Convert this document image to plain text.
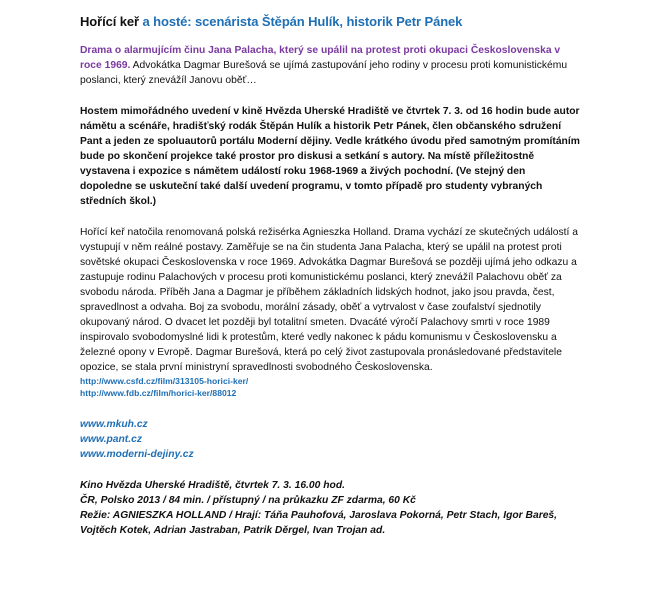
Hořící keř a hosté: scenárista Štěpán Hulík, historik Petr Pánek

Drama o alarmujícím činu Jana Palacha, který se upálil na protest proti okupaci Československa v roce 1969. Advokátka Dagmar Burešová se ujímá zastupování jeho rodiny v procesu proti komunistickému poslanci, který znevážíl Janovu oběť…

Hostem mimořádného uvedení v kině Hvězda Uherské Hradiště ve čtvrtek 7. 3. od 16 hodin bude autor námětu a scénáře, hradišťský rodák Štěpán Hulík a historik Petr Pánek, člen občanského sdružení Pant a jeden ze spoluautorů portálu Moderní dějiny. Vedle krátkého úvodu před samotným promítáním bude po skončení projekce také prostor pro diskusi a setkání s autory. Na místě příležitostně vystavena i expozice s námětem událostí roku 1968-1969 a živých pochodní. (Ve stejný den dopoledne se uskuteční také další uvedení programu, v tomto případě pro studenty vybraných středních škol.)

Hořící keř natočila renomovaná polská režisérka Agnieszka Holland. Drama vychází ze skutečných událostí a vystupují v něm reálné postavy. Zaměřuje se na čin studenta Jana Palacha, který se upálil na protest proti sovětské okupaci Československa v roce 1969. Advokátka Dagmar Burešová se později ujímá jeho odkazu a zastupuje rodinu Palachových v procesu proti komunistickému poslanci, který znevážíl Palachovu oběť za svobodu národa. Příběh Jana a Dagmar je příběhem základních lidských hodnot, jako jsou pravda, čest, spravedlnost a odvaha. Boj za svobodu, morální zásady, oběť a vytrvalost v čase zoufalství sjednotily okupovaný národ. O dvacet let později byl totalitní smeten. Dvacáté výročí Palachovy smrti v roce 1989 inspirovalo svobodomyslné lidi k protestům, které vedly nakonec k pádu komunismu v Československu a železné opony v Evropě. Dagmar Burešová, která po celý život zastupovala pronásledované představitele opozice, se stala první ministryní spravedlnosti svobodného Československa.

http://www.csfd.cz/film/313105-horici-ker/
http://www.fdb.cz/film/horici-ker/88012
www.mkuh.cz
www.pant.cz
www.moderni-dejiny.cz
Kino Hvězda Uherské Hradiště, čtvrtek 7. 3. 16.00 hod.
ČR, Polsko 2013 / 84 min. / přístupný / na průkazku ZF zdarma, 60 Kč
Režie: AGNIESZKA HOLLAND / Hrají: Táňa Pauhofová, Jaroslava Pokorná, Petr Stach, Igor Bareš, Vojtěch Kotek, Adrian Jastraban, Patrik Děrgel, Ivan Trojan ad.
